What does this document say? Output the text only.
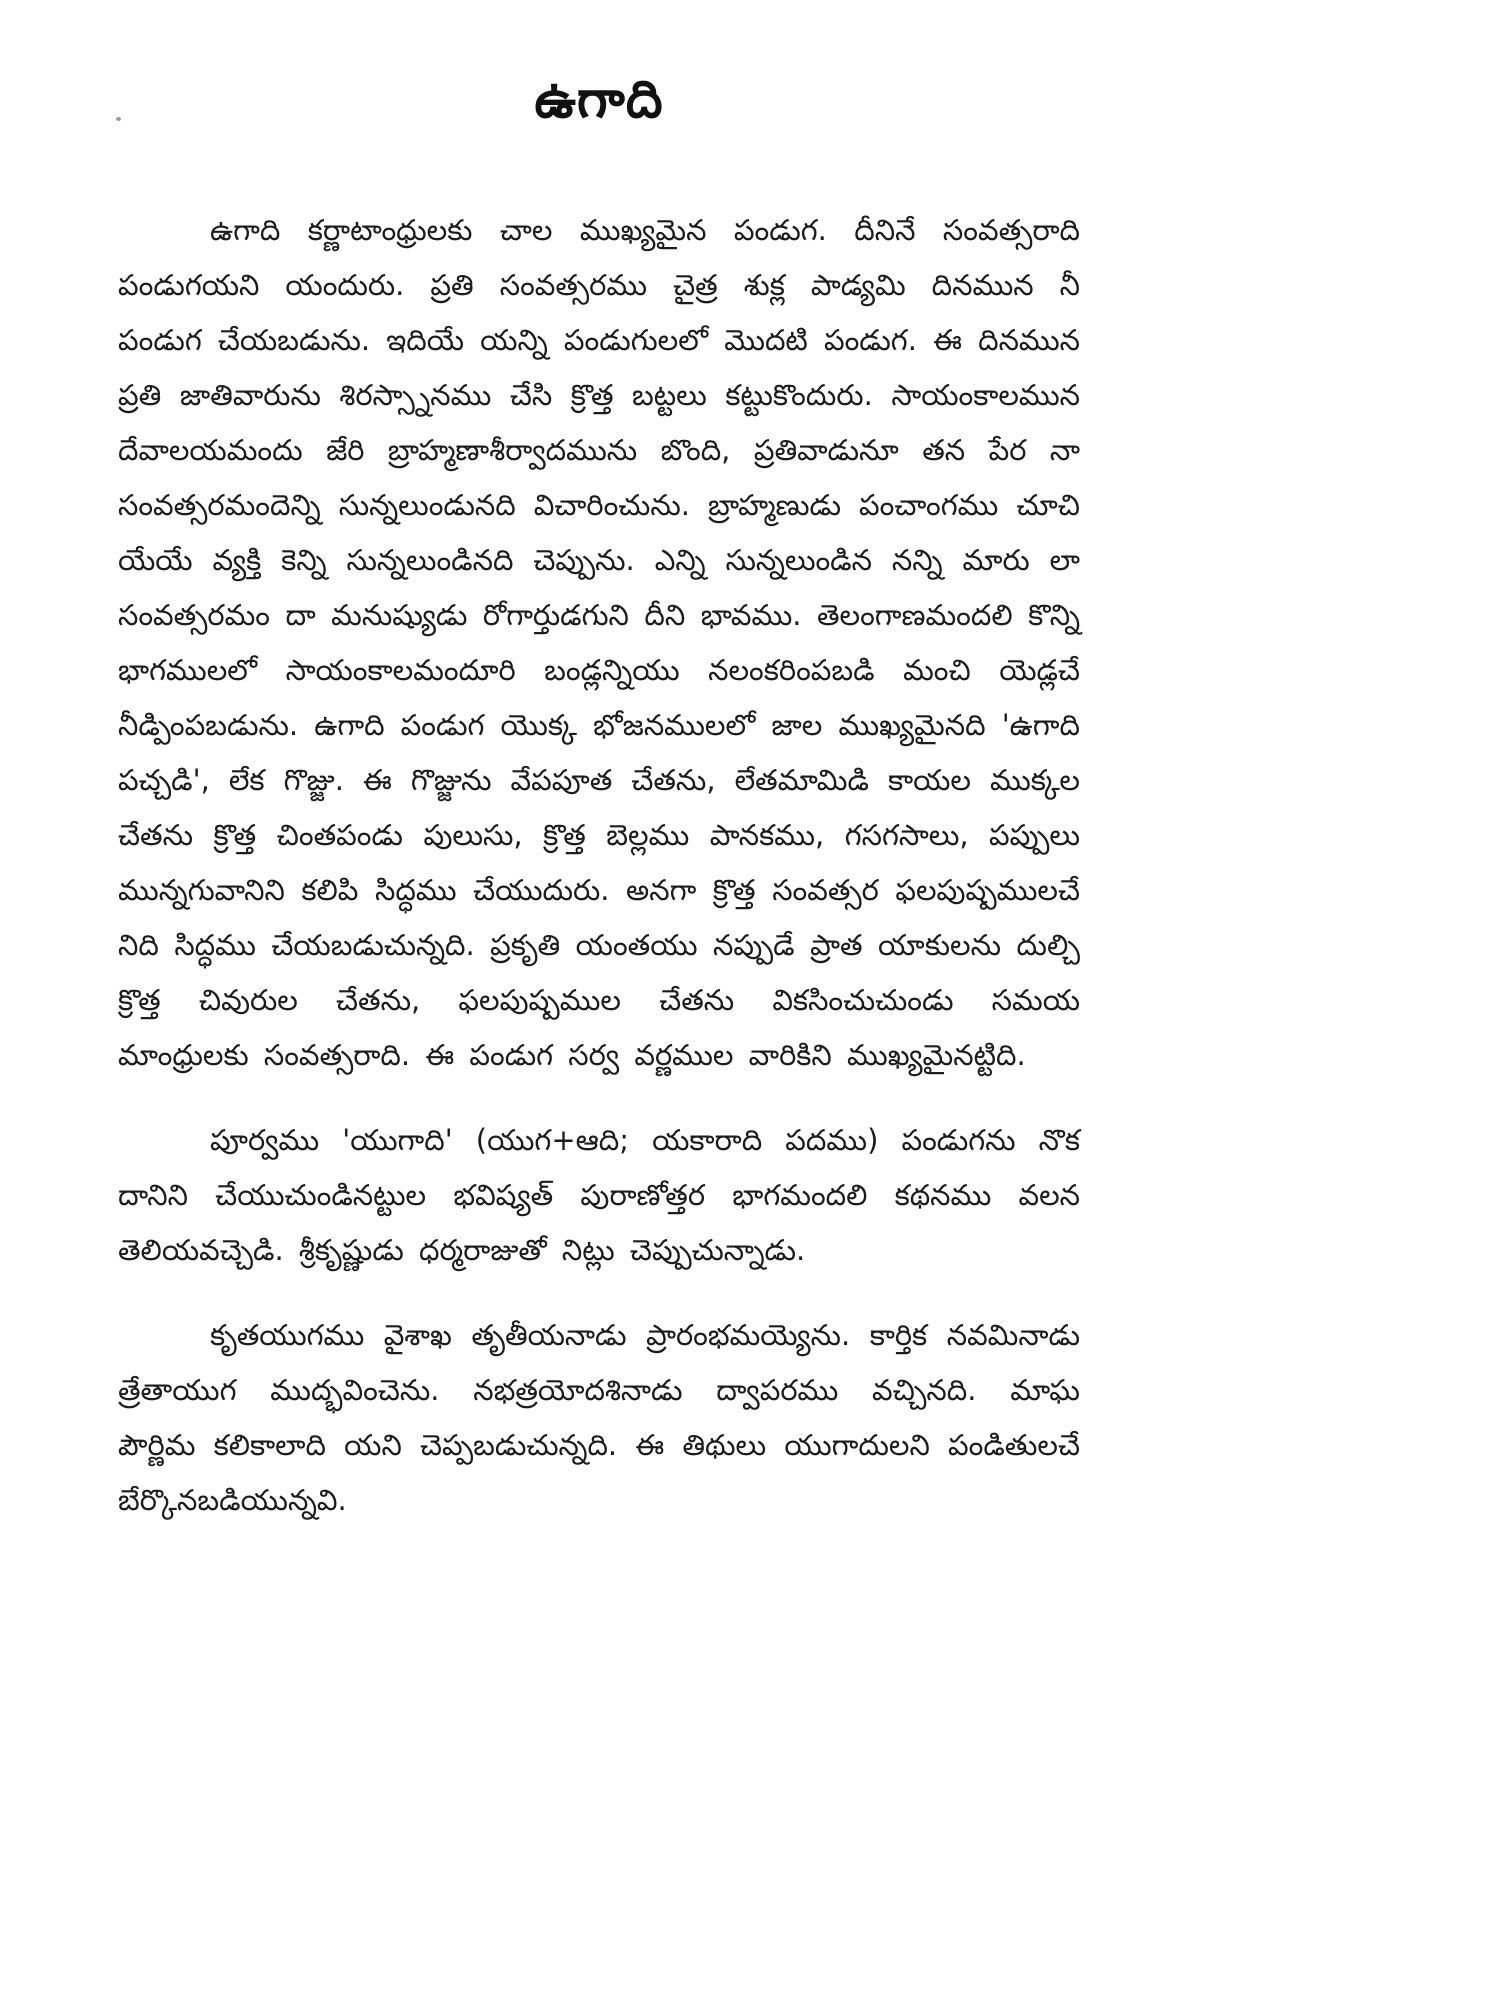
ఉగాది

ఉగాది కర్ణాటాంధ్రులకు చాల ముఖ్యమైన పండుగ. దీనినే సంవత్సరాది పండుగయని యందురు. ప్రతి సంవత్సరము చైత్ర శుక్ల పాడ్యమి దినమున నీ పండుగ చేయబడును. ఇదియే యన్ని పండుగులలో మొదటి పండుగ. ఈ దినమున ప్రతి జాతివారును శిరస్స్నానము చేసి క్రొత్త బట్టలు కట్టుకొందురు. సాయంకాలమున దేవాలయమందు జేరి బ్రాహ్మణాశీర్వాదమును బొంది, ప్రతివాడునూ తన పేర నా సంవత్సరమందెన్ని సున్నలుండునది విచారించును. బ్రాహ్మణుడు పంచాంగము చూచి యేయే వ్యక్తి కెన్ని సున్నలుండినది చెప్పును. ఎన్ని సున్నలుండిన నన్ని మారు లా సంవత్సరమం దా మనుష్యుడు రోగార్తుడగుని దీని భావము. తెలంగాణమందలి కొన్ని భాగములలో సాయంకాలమందూరి బండ్లన్నియు నలంకరింపబడి మంచి యెడ్లచే నీడ్పింపబడును. ఉగాది పండుగ యొక్క భోజనములలో జాల ముఖ్యమైనది 'ఉగాది పచ్చడి', లేక గొజ్జు. ఈ గొజ్జును వేపపూత చేతను, లేతమామిడి కాయల ముక్కల చేతను క్రొత్త చింతపండు పులుసు, క్రొత్త బెల్లము పానకము, గసగసాలు, పప్పులు మున్నగువానిని కలిపి సిద్ధము చేయుదురు. అనగా క్రొత్త సంవత్సర ఫలపుష్పములచే నిది సిద్ధము చేయబడుచున్నది. ప్రకృతి యంతయు నప్పుడే ప్రాత యాకులను దుల్చి క్రొత్త చివురుల చేతను, ఫలపుష్పముల చేతను వికసించుచుండు సమయ మాంధ్రులకు సంవత్సరాది. ఈ పండుగ సర్వ వర్ణముల వారికిని ముఖ్యమైనట్టిది.

పూర్వము 'యుగాది' (యుగ+ఆది; యకారాది పదము) పండుగను నొక దానిని చేయుచుండినట్టుల భవిష్యత్ పురాణోత్తర భాగమందలి కథనము వలన తెలియవచ్చెడి. శ్రీకృష్ణుడు ధర్మరాజుతో నిట్లు చెప్పుచున్నాడు.

కృతయుగము వైశాఖ తృతీయనాడు ప్రారంభమయ్యెను. కార్తిక నవమినాడు త్రేతాయుగ ముద్భవించెను. నభత్రయోదశినాడు ద్వాపరము వచ్చినది. మాఘ పౌర్ణిమ కలికాలాది యని చెప్పబడుచున్నది. ఈ తిథులు యుగాదులని పండితులచే బేర్కొనబడియున్నవి.
